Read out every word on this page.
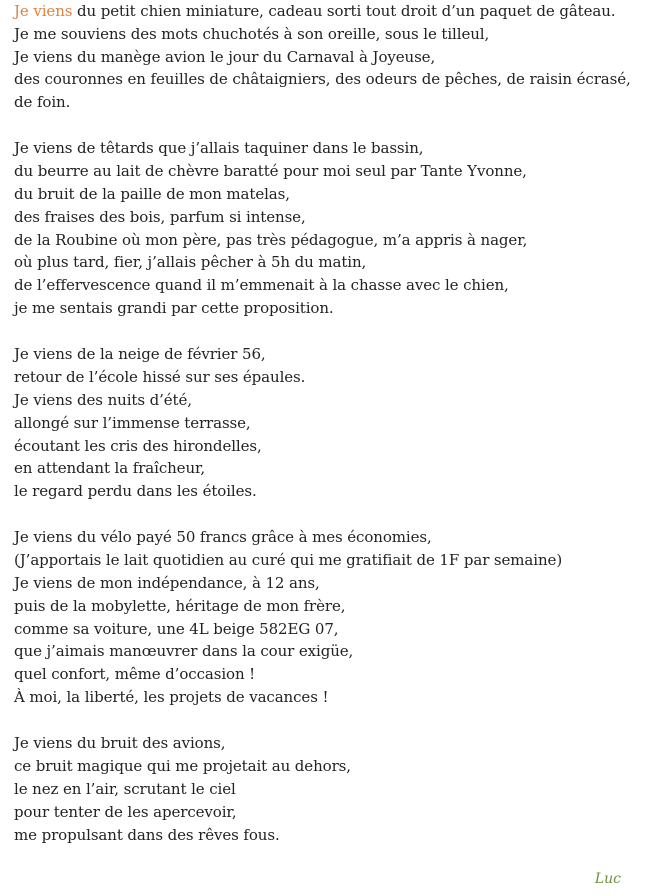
Je viens du petit chien miniature, cadeau sorti tout droit d’un paquet de gâteau.
Je me souviens des mots chuchotés à son oreille, sous le tilleul,
Je viens du manège avion le jour du Carnaval à Joyeuse,
des couronnes en feuilles de châtaigniers, des odeurs de pêches, de raisin écrasé,
de foin.
Je viens de têtards que j’allais taquiner dans le bassin,
du beurre au lait de chèvre baratté pour moi seul par Tante Yvonne,
du bruit de la paille de mon matelas,
des fraises des bois, parfum si intense,
de la Roubine où mon père, pas très pédagogue, m’a appris à nager,
où plus tard, fier, j’allais pêcher à 5h du matin,
de l’effervescence quand il m’emmenait à la chasse avec le chien,
je me sentais grandi par cette proposition.
Je viens de la neige de février 56,
retour de l’école hissé sur ses épaules.
Je viens des nuits d’été,
allongé sur l’immense terrasse,
écoutant les cris des hirondelles,
en attendant la fraîcheur,
le regard perdu dans les étoiles.
Je viens du vélo payé 50 francs grâce à mes économies,
(J’apportais le lait quotidien au curé qui me gratifiait de 1F par semaine)
Je viens de mon indépendance, à 12 ans,
puis de la mobylette, héritage de mon frère,
comme sa voiture, une 4L beige 582EG 07,
que j’aimais manœuvrer dans la cour exigüe,
quel confort, même d’occasion !
À moi, la liberté, les projets de vacances !
Je viens du bruit des avions,
ce bruit magique qui me projetait au dehors,
le nez en l’air, scrutant le ciel
pour tenter de les apercevoir,
me propulsant dans des rêves fous.
Luc
